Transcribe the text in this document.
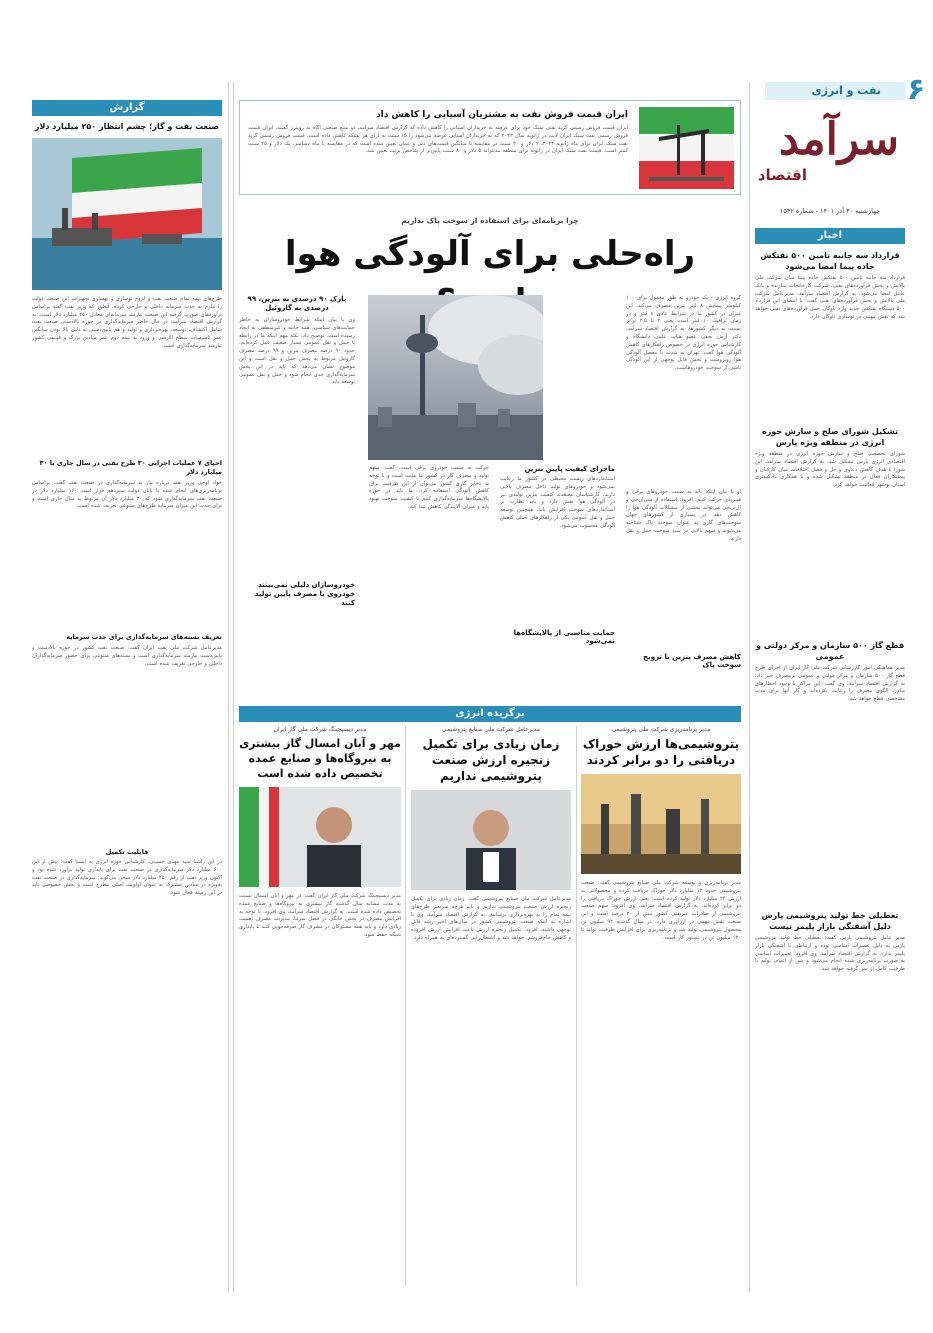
نفت و انرژی ۶
سرآمد
اقتصاد
چهارشنبه ۳۰ آذر ۱۴۰۱ - شماره ۱۵۳۲
اخبار
قرارداد سه جانبه تامین ۵۰۰ نفتکش جاده پیما امضا می‌شود
قرارداد سه جانبه تامین ۵۰۰ نفتکش جاده پیما میان شرکت ملی پالایش و پخش فرآورده‌های نفتی، شرکت کارخانجات سازنده و بانک عامل امضا می‌شود. به گزارش اقتصاد سرآمد، مدیرعامل شرکت ملی پالایش و پخش فرآورده‌های نفتی گفت: با امضای این قرارداد ۵۰۰ دستگاه نفتکش جدید وارد ناوگان حمل فرآورده‌های نفتی خواهد شد که نقش مهمی در نوسازی ناوگان دارد.
تشکیل شورای صلح و سازش حوزه انرژی در منطقه ویژه پارس
شورای تخصصی صلح و سازش حوزه انرژی در منطقه ویژه اقتصادی انرژی پارس تشکیل شد. به گزارش اقتصاد سرآمد، این شورا با هدف کاهش دعاوی و حل و فصل اختلافات میان کارکنان و پیمانکاران فعال در منطقه تشکیل شده و با همکاری دادگستری استان بوشهر فعالیت خواهد کرد.
قطع گاز ۵۰۰ سازمان و مرکز دولتی و عمومی
مدیر هماهنگی امور گازرسانی شرکت ملی گاز ایران از اجرای طرح قطع گاز ۵۰۰ سازمان و مرکز دولتی و عمومی پرمصرف خبر داد. به گزارش اقتصاد سرآمد، وی گفت: این مراکز با وجود اخطارهای مکرر، الگوی مصرف را رعایت نکرده‌اند و گاز آنها برای مدت مشخصی قطع خواهد شد.
تعطیلی خط تولید پتروشیمی پارس دلیل آشفتگی بازار پلیمر نیست
مدیر عامل پتروشیمی پارس گفت: تعطیلی خط تولید پتروشیمی پارس به دلیل تعمیرات اساسی بوده و ارتباطی با آشفتگی بازار پلیمر ندارد. به گزارش اقتصاد سرآمد، وی افزود: تعمیرات اساسی به صورت برنامه‌ریزی شده انجام می‌شود و پس از اتمام، تولید با ظرفیت کامل از سر گرفته خواهد شد.
ایران قیمت فروش نفت به مشتریان آسیایی را کاهش داد
ایران قیمت فروش رسمی گرید نفتی سبک خود برای عرضه به خریداران آسیایی را کاهش داده که گزارش اقتصاد سرآمد، دو منبع صنعتی آگاه به رویترز گفتند، ایران قیمت فروش رسمی نفت سبک ایران لایت در ژانویه سال ۲۰۲۳ که به خریداران آسیایی عرضه می‌شود را ۱۵ سنت به ازای هر بشکه کاهش داده است. قیمت فروش رسمی گرید نفت سبک ایران برای ماه ژانویه ۲۰۲۳، ۲ دلار و ۳۰ سنت در مقایسه با میانگین قیمت‌های دبی و عمان تعیین شده است که در مقایسه با ماه دسامبر، یک دلار و ۲۵ سنت کمتر است. قیمت نفت سبک ایران در ژانویه برای منطقه مدیترانه ۵ دلار و ۸۰ سنت پایین‌تر از شاخص برنت تعیین شد.
چرا برنامه‌ای برای استفاده از سوخت پاک نداریم
راه‌حلی برای آلودگی هوا
گروه انرژی - یک خودرو به طور معمول برای ۱۰۰ کیلومتر پیمایش ۸ لیتر بنزین مصرف می‌کند، این میزان در کشور ما در شرایط عادی ۸ لیتر و در زمان ترافیک ۱۰ لیتر است یعنی ۲ تا ۲.۵ برابر نسبت به دیگر کشورها. به گزارش اقتصاد سرآمد، دکتر آرش نجفی عضو هیات علمی دانشگاه و کارشناس حوزه انرژی در خصوص راهکارهای کاهش آلودگی هوا گفت: تهران به شدت با معضل آلودگی هوا روبروست و بخش قابل توجهی از این آلودگی ناشی از سوخت خودروهاست.
او با بیان اینکه باید به سمت خودروهای برقی و هیبریدی حرکت کنیم، افزود: استفاده از سی‌ان‌جی و ال‌پی‌جی می‌تواند بخشی از مشکلات آلودگی هوا را کاهش دهد. در بسیاری از کشورهای جهان سوخت‌های گازی به عنوان سوخت پاک شناخته می‌شوند و سهم بالایی در سبد سوخت حمل و نقل دارند.
کاهش مصرف بنزین با ترویج سوخت پاک
ماجرای کیفیت پایین بنزین
استانداردهای زیست محیطی در کشور ما رعایت نمی‌شود و خودروهای تولید داخل مصرف بالایی دارند. کارشناسان معتقدند کیفیت بنزین تولیدی نیز در آلودگی هوا نقش دارد و باید نظارت بر استانداردهای سوخت افزایش یابد. همچنین توسعه حمل و نقل عمومی یکی از راهکارهای اصلی کاهش آلودگی محسوب می‌شود.
حمایت مناسبی از پالایشگاه‌ها نمی‌شود
حرکت به سمت خودروی برقی است. گفت: سهم تولید و مصرف گاز در کشور ما مثبت است و با توجه به ذخایر گازی کشور می‌توان از این ظرفیت برای کاهش آلودگی استفاده کرد. ما باید در حوزه پالایشگاه‌ها سرمایه‌گذاری کنیم تا کیفیت سوخت بهبود یابد و میزان آلایندگی کاهش پیدا کند.
پارک ۹۰ درصدی به بنزین، ۹۹ درصدی به گازوئیل
وی با بیان اینکه شرایط خودروسازان به خاطر حمایت‌های سیاسی، همه جانبه و غیرمنطقی به ایجاد رسیده است، توضیح داد: نکته مهم اینکه ما در رابطه با حمل و نقل عمومی بسیار ضعیف عمل کرده‌ایم. حدود ۹۰ درصد مصرف بنزین و ۹۹ درصد مصرف گازوئیل مربوط به بخش حمل و نقل است و این موضوع نشان می‌دهد که باید در این بخش سرمایه‌گذاری جدی انجام شود و حمل و نقل عمومی توسعه یابد.
خودروسازان دلیلی نمی‌بینند خودروی با مصرف پایین تولید کنند
برگزیده انرژی
مدیر برنامه‌ریزی شرکت ملی پتروشیمی
پتروشیمی‌ها ارزش خوراک دریافتی را دو برابر کردند
مدیر برنامه‌ریزی و توسعه شرکت ملی صنایع پتروشیمی گفت: صنعت پتروشیمی حدود ۱۲ میلیارد دلار خوراک دریافت کرده و محصولاتی به ارزش ۲۴ میلیارد دلار تولید کرده است؛ یعنی ارزش خوراک دریافتی را دو برابر کرده‌اند. به گزارش اقتصاد سرآمد، وی افزود: سهم صنعت پتروشیمی از صادرات غیرنفتی کشور بیش از ۳۰ درصد است و این صنعت نقش مهمی در ارزآوری دارد. در سال گذشته ۹۴ میلیون تن محصول پتروشیمی تولید شد و برنامه‌ریزی برای افزایش ظرفیت تولید تا ۱۳۰ میلیون تن در دستور کار است.
مدیرعامل شرکت ملی صنایع پتروشیمی
زمان زیادی برای تکمیل زنجیره ارزش صنعت پتروشیمی نداریم
مدیرعامل شرکت ملی صنایع پتروشیمی گفت: زمان زیادی برای تکمیل زنجیره ارزش صنعت پتروشیمی نداریم و باید هرچه سریعتر طرح‌های نیمه تمام را به بهره‌برداری برسانیم. به گزارش اقتصاد سرآمد، وی با اشاره به اینکه صنعت پتروشیمی کشور در سال‌های اخیر رشد قابل توجهی داشته، افزود: تکمیل زنجیره ارزش باعث افزایش ارزش افزوده و کاهش خام‌فروشی خواهد شد و اشتغال‌زایی گسترده‌ای به همراه دارد.
مدیر دیسپچینگ شرکت ملی گاز ایران
مهر و آبان امسال گاز بیشتری به نیروگاه‌ها و صنایع عمده تخصیص داده شده است
مدیر دیسپچینگ شرکت ملی گاز ایران گفت: در مهر و آبان امسال نسبت به مدت مشابه سال گذشته گاز بیشتری به نیروگاه‌ها و صنایع عمده تخصیص داده شده است. به گزارش اقتصاد سرآمد، وی افزود: با توجه به افزایش مصرف در بخش خانگی در فصل سرما، مدیریت مصرف اهمیت زیادی دارد و باید همه مشترکان در مصرف گاز صرفه‌جویی کنند تا پایداری شبکه حفظ شود.
گزارش
صنعت نفت و گاز؛ چشم انتظار ۲۵۰ میلیارد دلار
طرح‌های نیمه تمام صنعت نفت و لزوم نوسازی و بهسازی تجهیزات این صنعت دولت را ملزم به جذب سرمایه داخلی و خارجی کرده، آنطور که وزیر نفت گفته براساس برآوردهای صورت گرفته این صنعت نیازمند سرمایه‌ای معادل ۲۵۰ میلیارد دلار است. به گزارش اقتصاد سرآمد، در حال حاضر سرمایه‌گذاری در حوزه بالادستی صنعت نفت شامل اکتشاف، توسعه، بهره‌برداری و تولید و هم پایین‌دستی به دلیل بالا بودن میانگین عمر تاسیسات سطح الارضی و ورود به نیمه دوم عمر میادین بزرگ و قدیمی کشور نیازمند سرمایه‌گذاری است.
احیای ۷ عملیات اجرایی ۳۰ طرح نفتی در سال جاری با ۳۰ میلیارد دلار
جواد اوجی وزیر نفت درباره نیاز به سرمایه‌گذاری در صنعت نفت گفت: براساس برنامه‌ریزی‌های انجام شده تا پایان دولت سیزدهم قرار است ۱۶۰ میلیارد دلار در صنعت نفت سرمایه‌گذاری شود که ۳۰ میلیارد دلار آن مربوط به سال جاری است و برای جذب این میزان سرمایه طرح‌های متنوعی تعریف شده است.
تعریف بسته‌های سرمایه‌گذاری برای جذب سرمایه
مدیرعامل شرکت ملی نفت ایران گفت: صنعت نفت کشور در حوزه بالادست و پایین‌دست نیازمند سرمایه‌گذاری است و بسته‌های متنوعی برای حضور سرمایه‌گذاران داخلی و خارجی تعریف شده است.
قابلیت تکمیل
در این راستا سید مهدی حسینی، کارشناس حوزه انرژی به ایسنا گفت: پیش از این ۶۰۰ میلیارد دلار سرمایه‌گذاری در صنعت نفت برای پایداری تولید برآورد شده بود و اکنون وزیر نفت از رقم ۲۵۰ میلیارد دلار سخن می‌گوید؛ سرمایه‌گذاری در صنعت نفت به‌ویژه در میادین مشترک به عنوان اولویت اصلی مطرح است و بخش خصوصی باید در این زمینه فعال شود.
